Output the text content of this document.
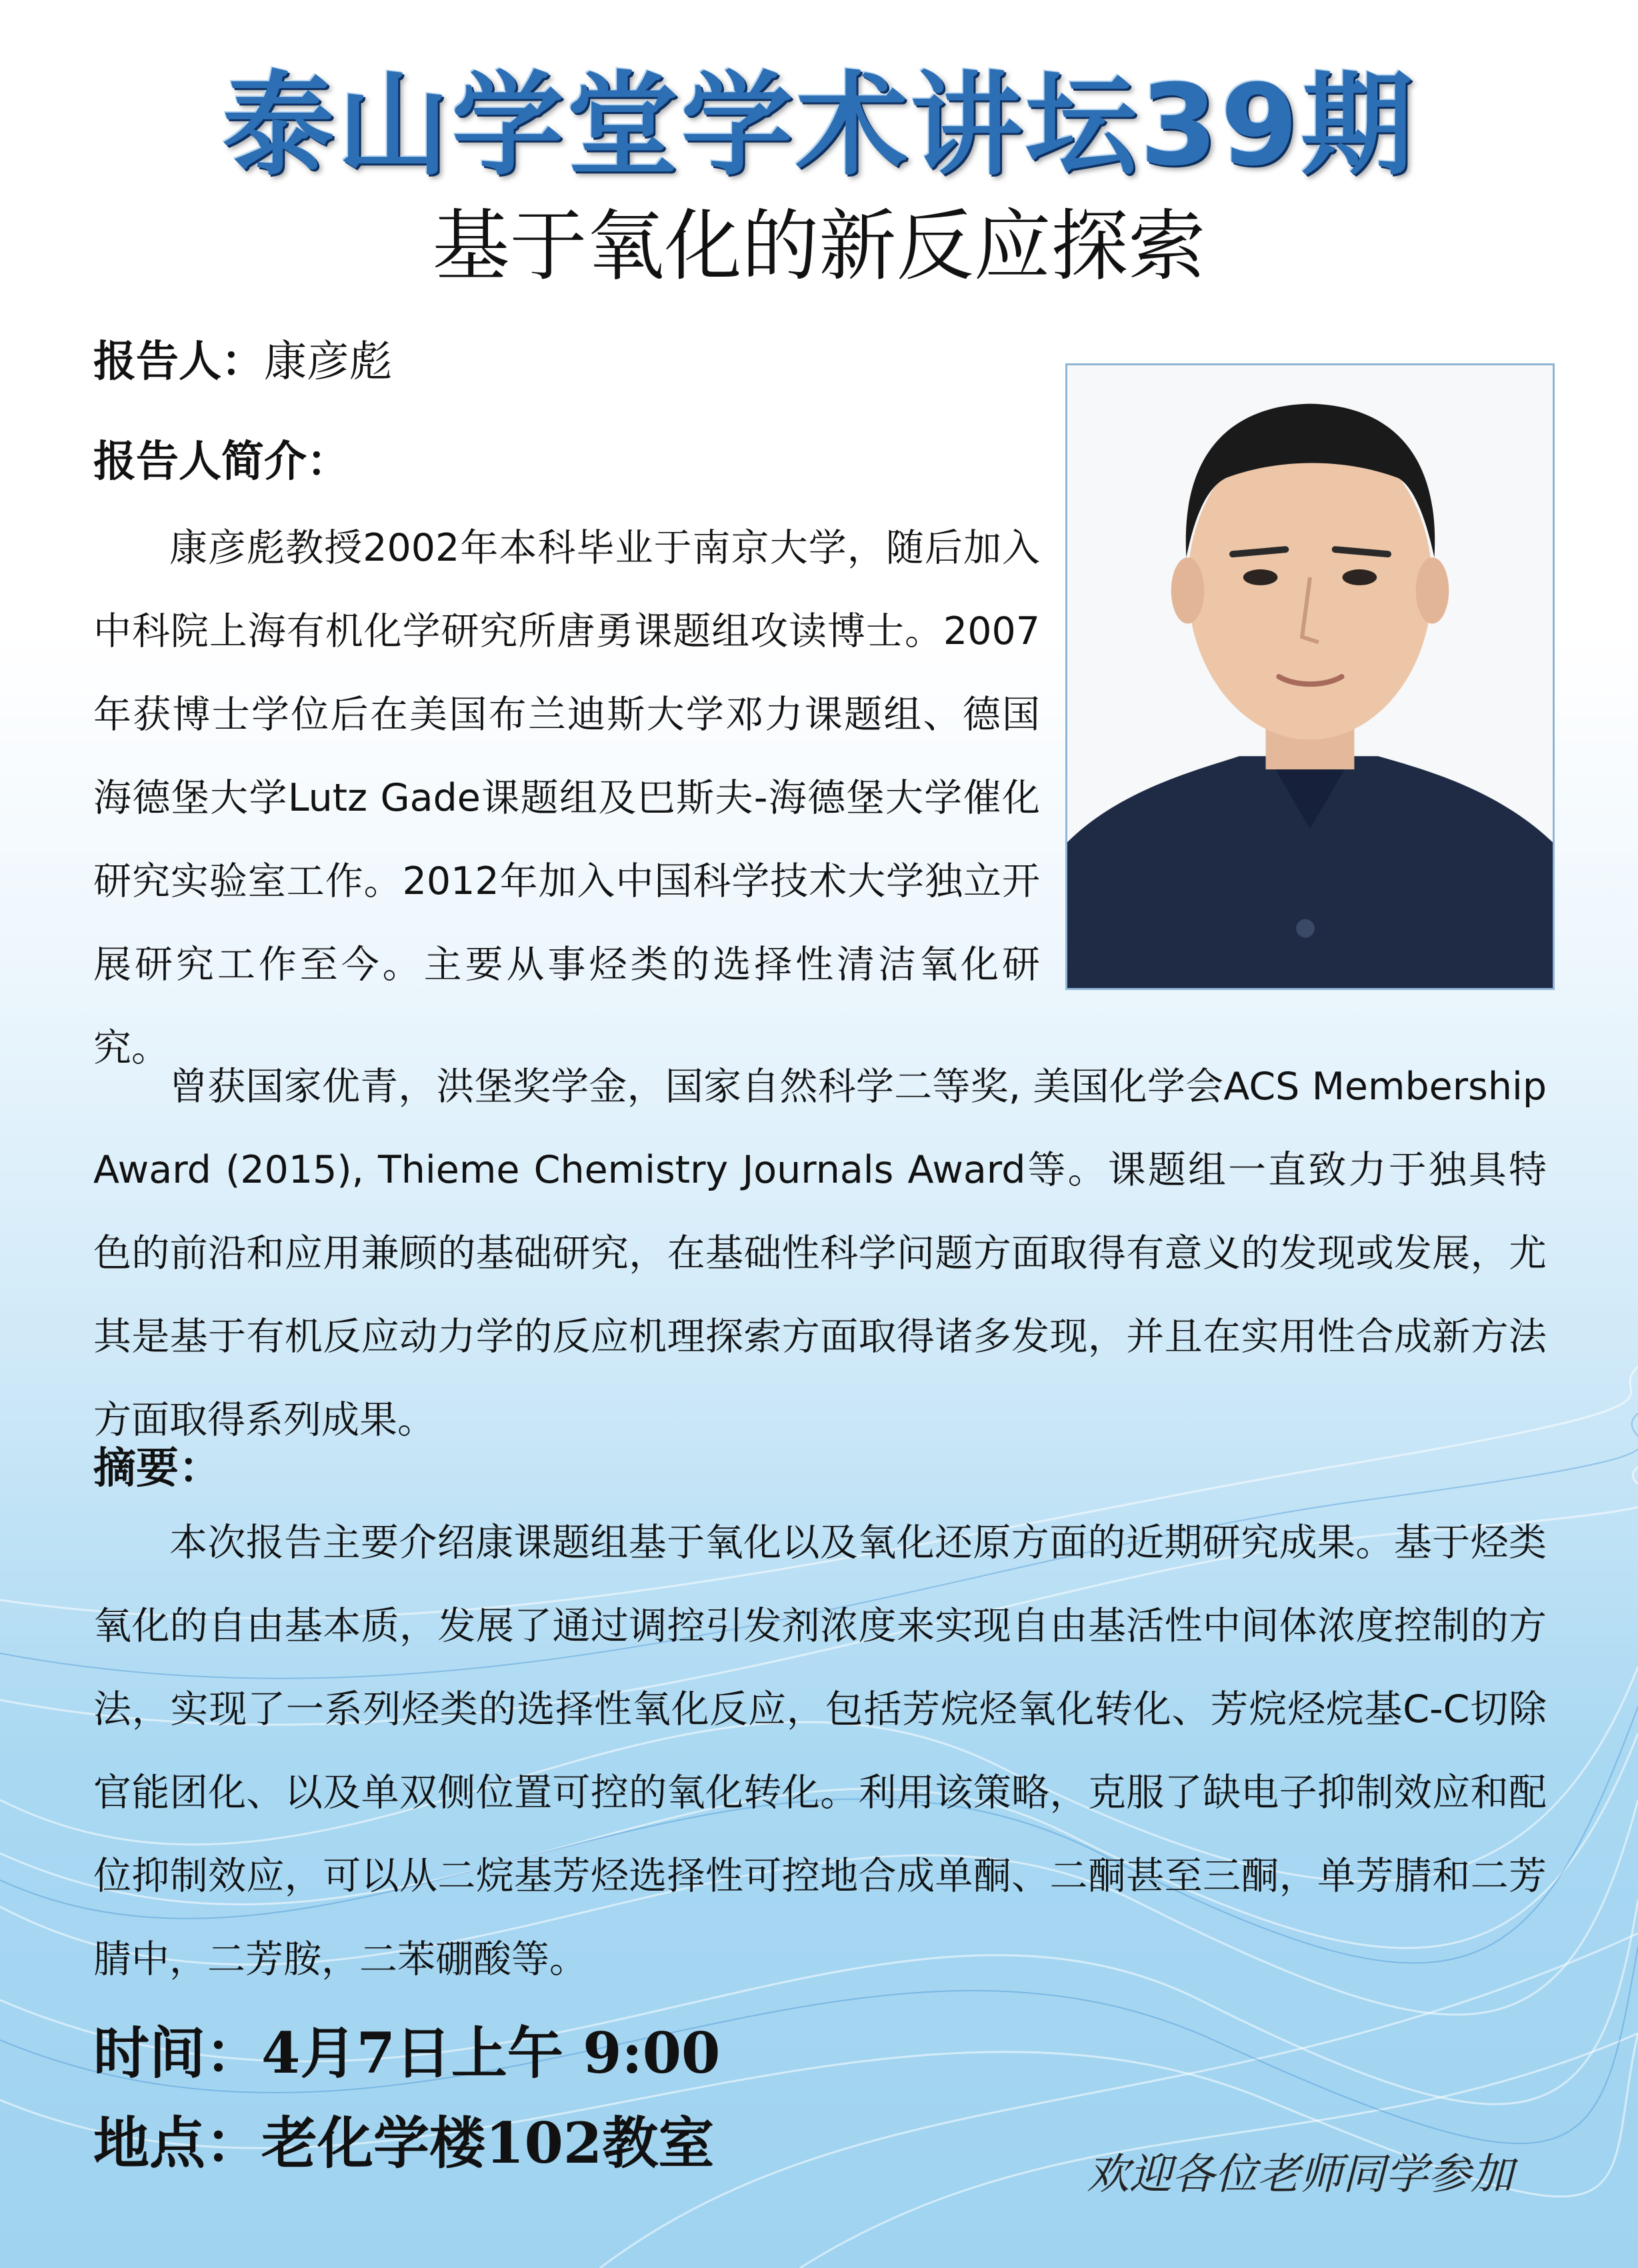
泰山学堂学术讲坛39期
基于氧化的新反应探索
报告人：康彦彪
报告人简介：

康彦彪教授2002年本科毕业于南京大学，随后加入中科院上海有机化学研究所唐勇课题组攻读博士。2007年获博士学位后在美国布兰迪斯大学邓力课题组、德国海德堡大学Lutz Gade课题组及巴斯夫-海德堡大学催化研究实验室工作。2012年加入中国科学技术大学独立开展研究工作至今。主要从事烃类的选择性清洁氧化研究。

曾获国家优青，洪堡奖学金，国家自然科学二等奖, 美国化学会ACS Membership Award (2015), Thieme Chemistry Journals Award等。课题组一直致力于独具特色的前沿和应用兼顾的基础研究，在基础性科学问题方面取得有意义的发现或发展，尤其是基于有机反应动力学的反应机理探索方面取得诸多发现，并且在实用性合成新方法方面取得系列成果。

摘要：

本次报告主要介绍康课题组基于氧化以及氧化还原方面的近期研究成果。基于烃类氧化的自由基本质，发展了通过调控引发剂浓度来实现自由基活性中间体浓度控制的方法，实现了一系列烃类的选择性氧化反应，包括芳烷烃氧化转化、芳烷烃烷基C-C切除官能团化、以及单双侧位置可控的氧化转化。利用该策略，克服了缺电子抑制效应和配位抑制效应，可以从二烷基芳烃选择性可控地合成单酮、二酮甚至三酮，单芳腈和二芳腈中，二芳胺，二苯硼酸等。

时间：4月7日上午 9:00
地点：老化学楼102教室	欢迎各位老师同学参加
